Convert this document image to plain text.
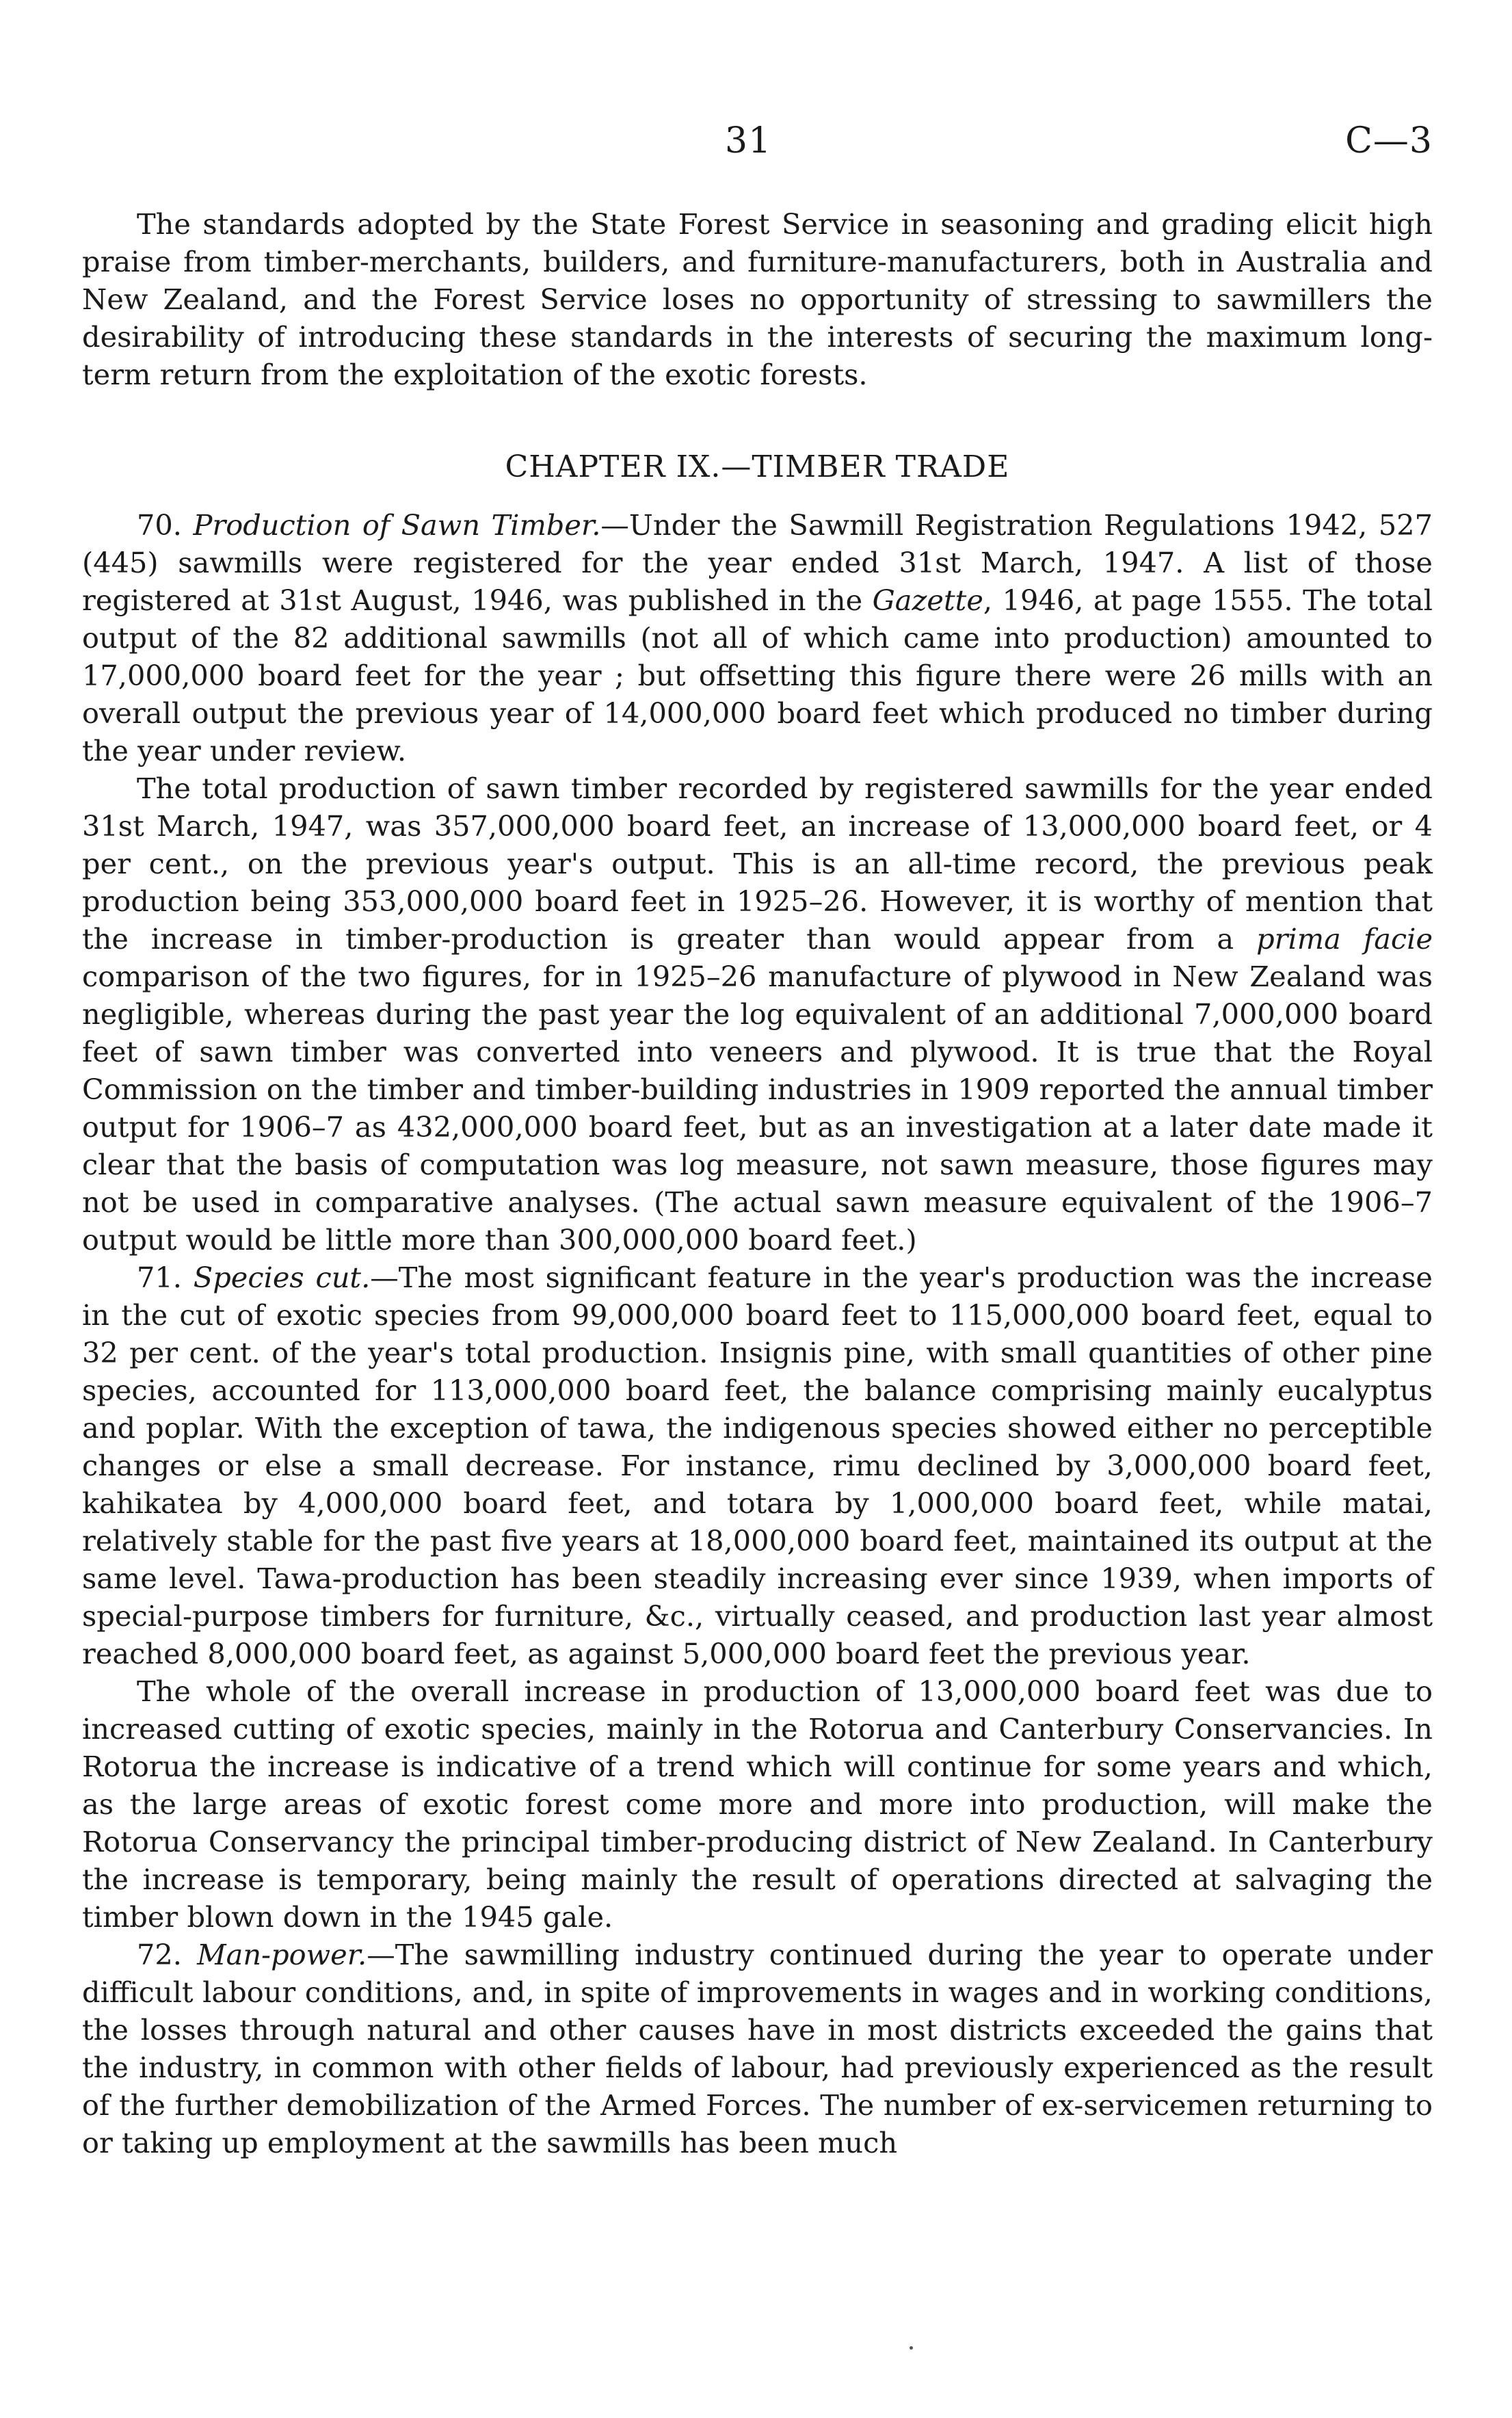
31	C—3

The standards adopted by the State Forest Service in seasoning and grading elicit high praise from timber-merchants, builders, and furniture-manufacturers, both in Australia and New Zealand, and the Forest Service loses no opportunity of stressing to sawmillers the desirability of introducing these standards in the interests of securing the maximum long-term return from the exploitation of the exotic forests.

CHAPTER IX.—TIMBER TRADE

70. Production of Sawn Timber.—Under the Sawmill Registration Regulations 1942, 527 (445) sawmills were registered for the year ended 31st March, 1947. A list of those registered at 31st August, 1946, was published in the Gazette, 1946, at page 1555. The total output of the 82 additional sawmills (not all of which came into production) amounted to 17,000,000 board feet for the year ; but offsetting this figure there were 26 mills with an overall output the previous year of 14,000,000 board feet which produced no timber during the year under review.

The total production of sawn timber recorded by registered sawmills for the year ended 31st March, 1947, was 357,000,000 board feet, an increase of 13,000,000 board feet, or 4 per cent., on the previous year's output. This is an all-time record, the previous peak production being 353,000,000 board feet in 1925–26. However, it is worthy of mention that the increase in timber-production is greater than would appear from a prima facie comparison of the two figures, for in 1925–26 manufacture of plywood in New Zealand was negligible, whereas during the past year the log equivalent of an additional 7,000,000 board feet of sawn timber was converted into veneers and plywood. It is true that the Royal Commission on the timber and timber-building industries in 1909 reported the annual timber output for 1906–7 as 432,000,000 board feet, but as an investigation at a later date made it clear that the basis of computation was log measure, not sawn measure, those figures may not be used in comparative analyses. (The actual sawn measure equivalent of the 1906–7 output would be little more than 300,000,000 board feet.)

71. Species cut.—The most significant feature in the year's production was the increase in the cut of exotic species from 99,000,000 board feet to 115,000,000 board feet, equal to 32 per cent. of the year's total production. Insignis pine, with small quantities of other pine species, accounted for 113,000,000 board feet, the balance comprising mainly eucalyptus and poplar. With the exception of tawa, the indigenous species showed either no perceptible changes or else a small decrease. For instance, rimu declined by 3,000,000 board feet, kahikatea by 4,000,000 board feet, and totara by 1,000,000 board feet, while matai, relatively stable for the past five years at 18,000,000 board feet, maintained its output at the same level. Tawa-production has been steadily increasing ever since 1939, when imports of special-purpose timbers for furniture, &c., virtually ceased, and production last year almost reached 8,000,000 board feet, as against 5,000,000 board feet the previous year.

The whole of the overall increase in production of 13,000,000 board feet was due to increased cutting of exotic species, mainly in the Rotorua and Canterbury Conservancies. In Rotorua the increase is indicative of a trend which will continue for some years and which, as the large areas of exotic forest come more and more into production, will make the Rotorua Conservancy the principal timber-producing district of New Zealand. In Canterbury the increase is temporary, being mainly the result of operations directed at salvaging the timber blown down in the 1945 gale.

72. Man-power.—The sawmilling industry continued during the year to operate under difficult labour conditions, and, in spite of improvements in wages and in working conditions, the losses through natural and other causes have in most districts exceeded the gains that the industry, in common with other fields of labour, had previously experienced as the result of the further demobilization of the Armed Forces. The number of ex-servicemen returning to or taking up employment at the sawmills has been much
